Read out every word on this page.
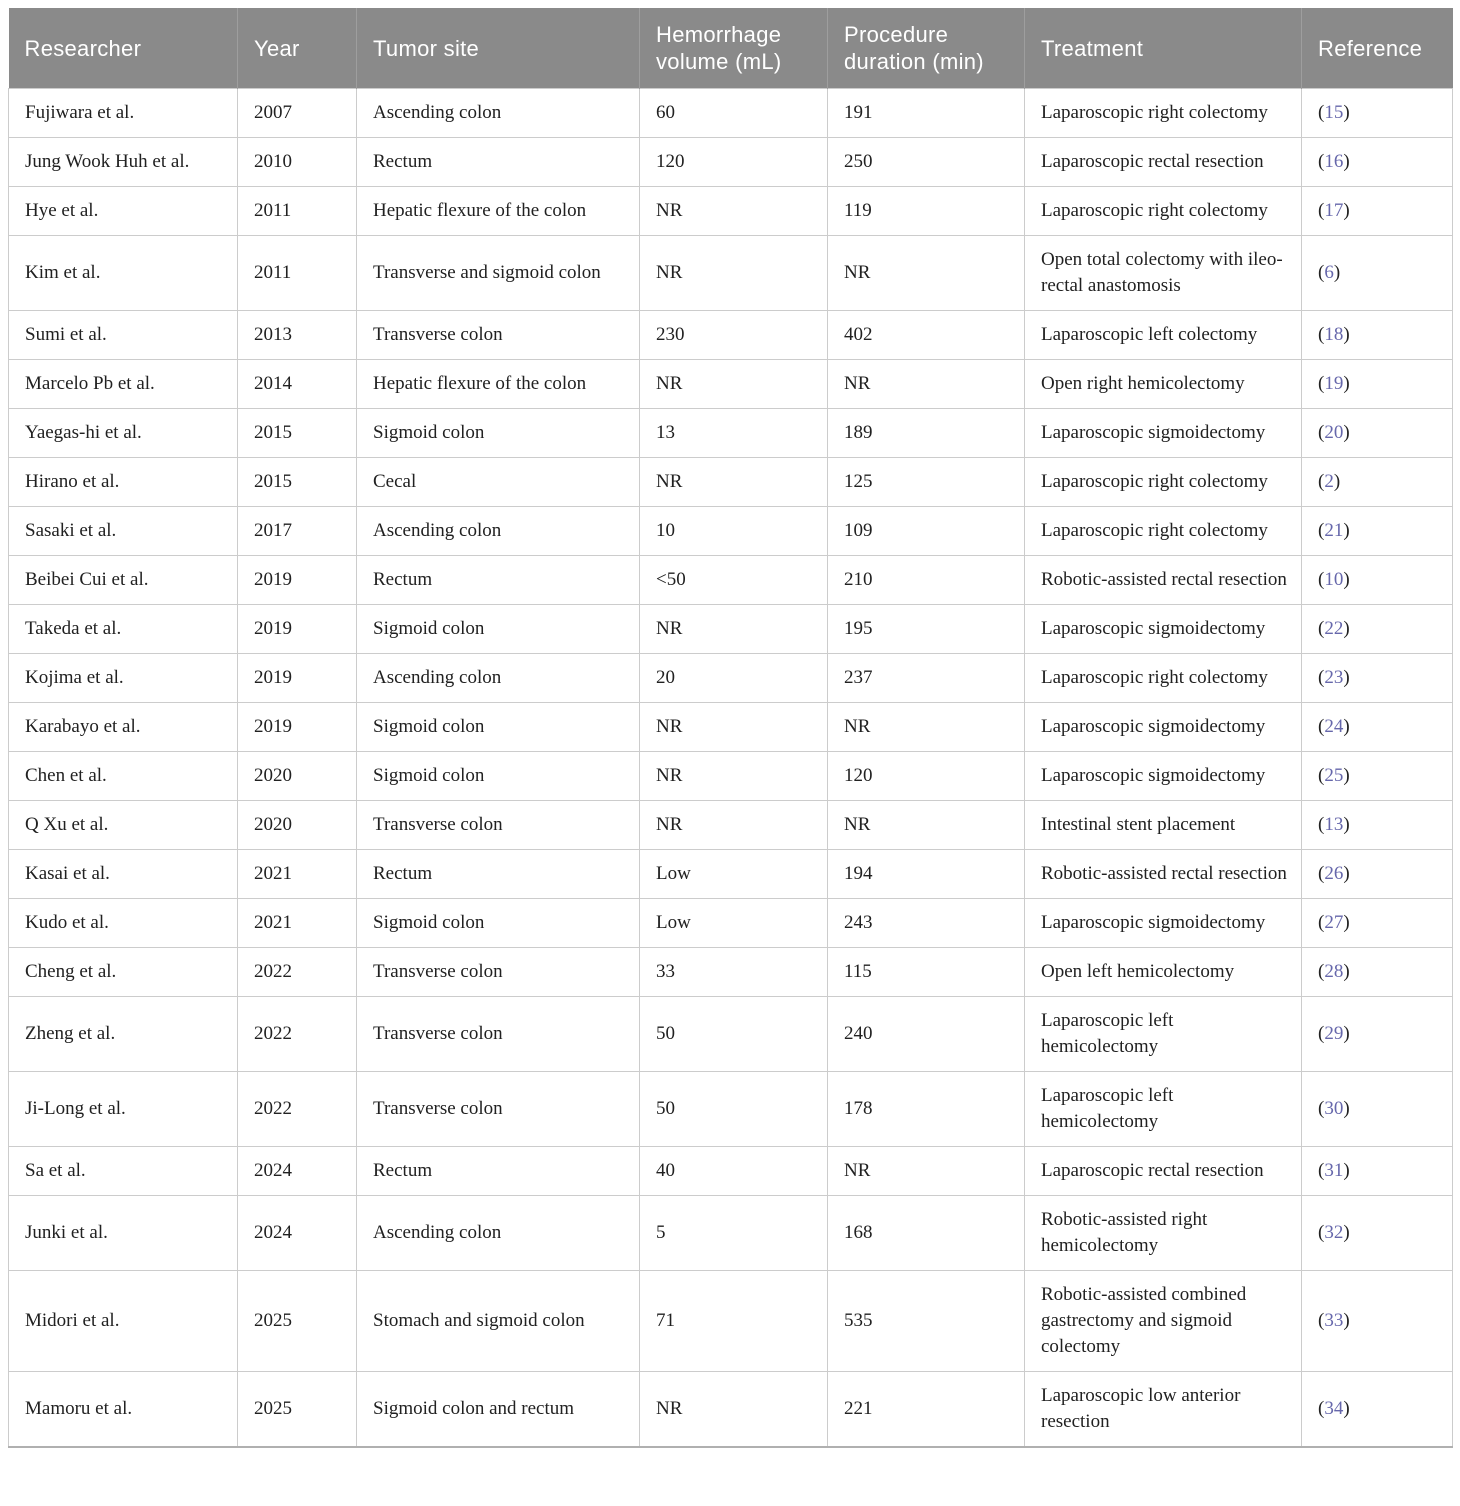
Researcher	Year	Tumor site	Hemorrhage volume (mL)	Procedure duration (min)	Treatment	Reference
Fujiwara et al.	2007	Ascending colon	60	191	Laparoscopic right colectomy	(15)
Jung Wook Huh et al.	2010	Rectum	120	250	Laparoscopic rectal resection	(16)
Hye et al.	2011	Hepatic flexure of the colon	NR	119	Laparoscopic right colectomy	(17)
Kim et al.	2011	Transverse and sigmoid colon	NR	NR	Open total colectomy with ileo-rectal anastomosis	(6)
Sumi et al.	2013	Transverse colon	230	402	Laparoscopic left colectomy	(18)
Marcelo Pb et al.	2014	Hepatic flexure of the colon	NR	NR	Open right hemicolectomy	(19)
Yaegas-hi et al.	2015	Sigmoid colon	13	189	Laparoscopic sigmoidectomy	(20)
Hirano et al.	2015	Cecal	NR	125	Laparoscopic right colectomy	(2)
Sasaki et al.	2017	Ascending colon	10	109	Laparoscopic right colectomy	(21)
Beibei Cui et al.	2019	Rectum	<50	210	Robotic-assisted rectal resection	(10)
Takeda et al.	2019	Sigmoid colon	NR	195	Laparoscopic sigmoidectomy	(22)
Kojima et al.	2019	Ascending colon	20	237	Laparoscopic right colectomy	(23)
Karabayo et al.	2019	Sigmoid colon	NR	NR	Laparoscopic sigmoidectomy	(24)
Chen et al.	2020	Sigmoid colon	NR	120	Laparoscopic sigmoidectomy	(25)
Q Xu et al.	2020	Transverse colon	NR	NR	Intestinal stent placement	(13)
Kasai et al.	2021	Rectum	Low	194	Robotic-assisted rectal resection	(26)
Kudo et al.	2021	Sigmoid colon	Low	243	Laparoscopic sigmoidectomy	(27)
Cheng et al.	2022	Transverse colon	33	115	Open left hemicolectomy	(28)
Zheng et al.	2022	Transverse colon	50	240	Laparoscopic left hemicolectomy	(29)
Ji-Long et al.	2022	Transverse colon	50	178	Laparoscopic left hemicolectomy	(30)
Sa et al.	2024	Rectum	40	NR	Laparoscopic rectal resection	(31)
Junki et al.	2024	Ascending colon	5	168	Robotic-assisted right hemicolectomy	(32)
Midori et al.	2025	Stomach and sigmoid colon	71	535	Robotic-assisted combined gastrectomy and sigmoid colectomy	(33)
Mamoru et al.	2025	Sigmoid colon and rectum	NR	221	Laparoscopic low anterior resection	(34)
